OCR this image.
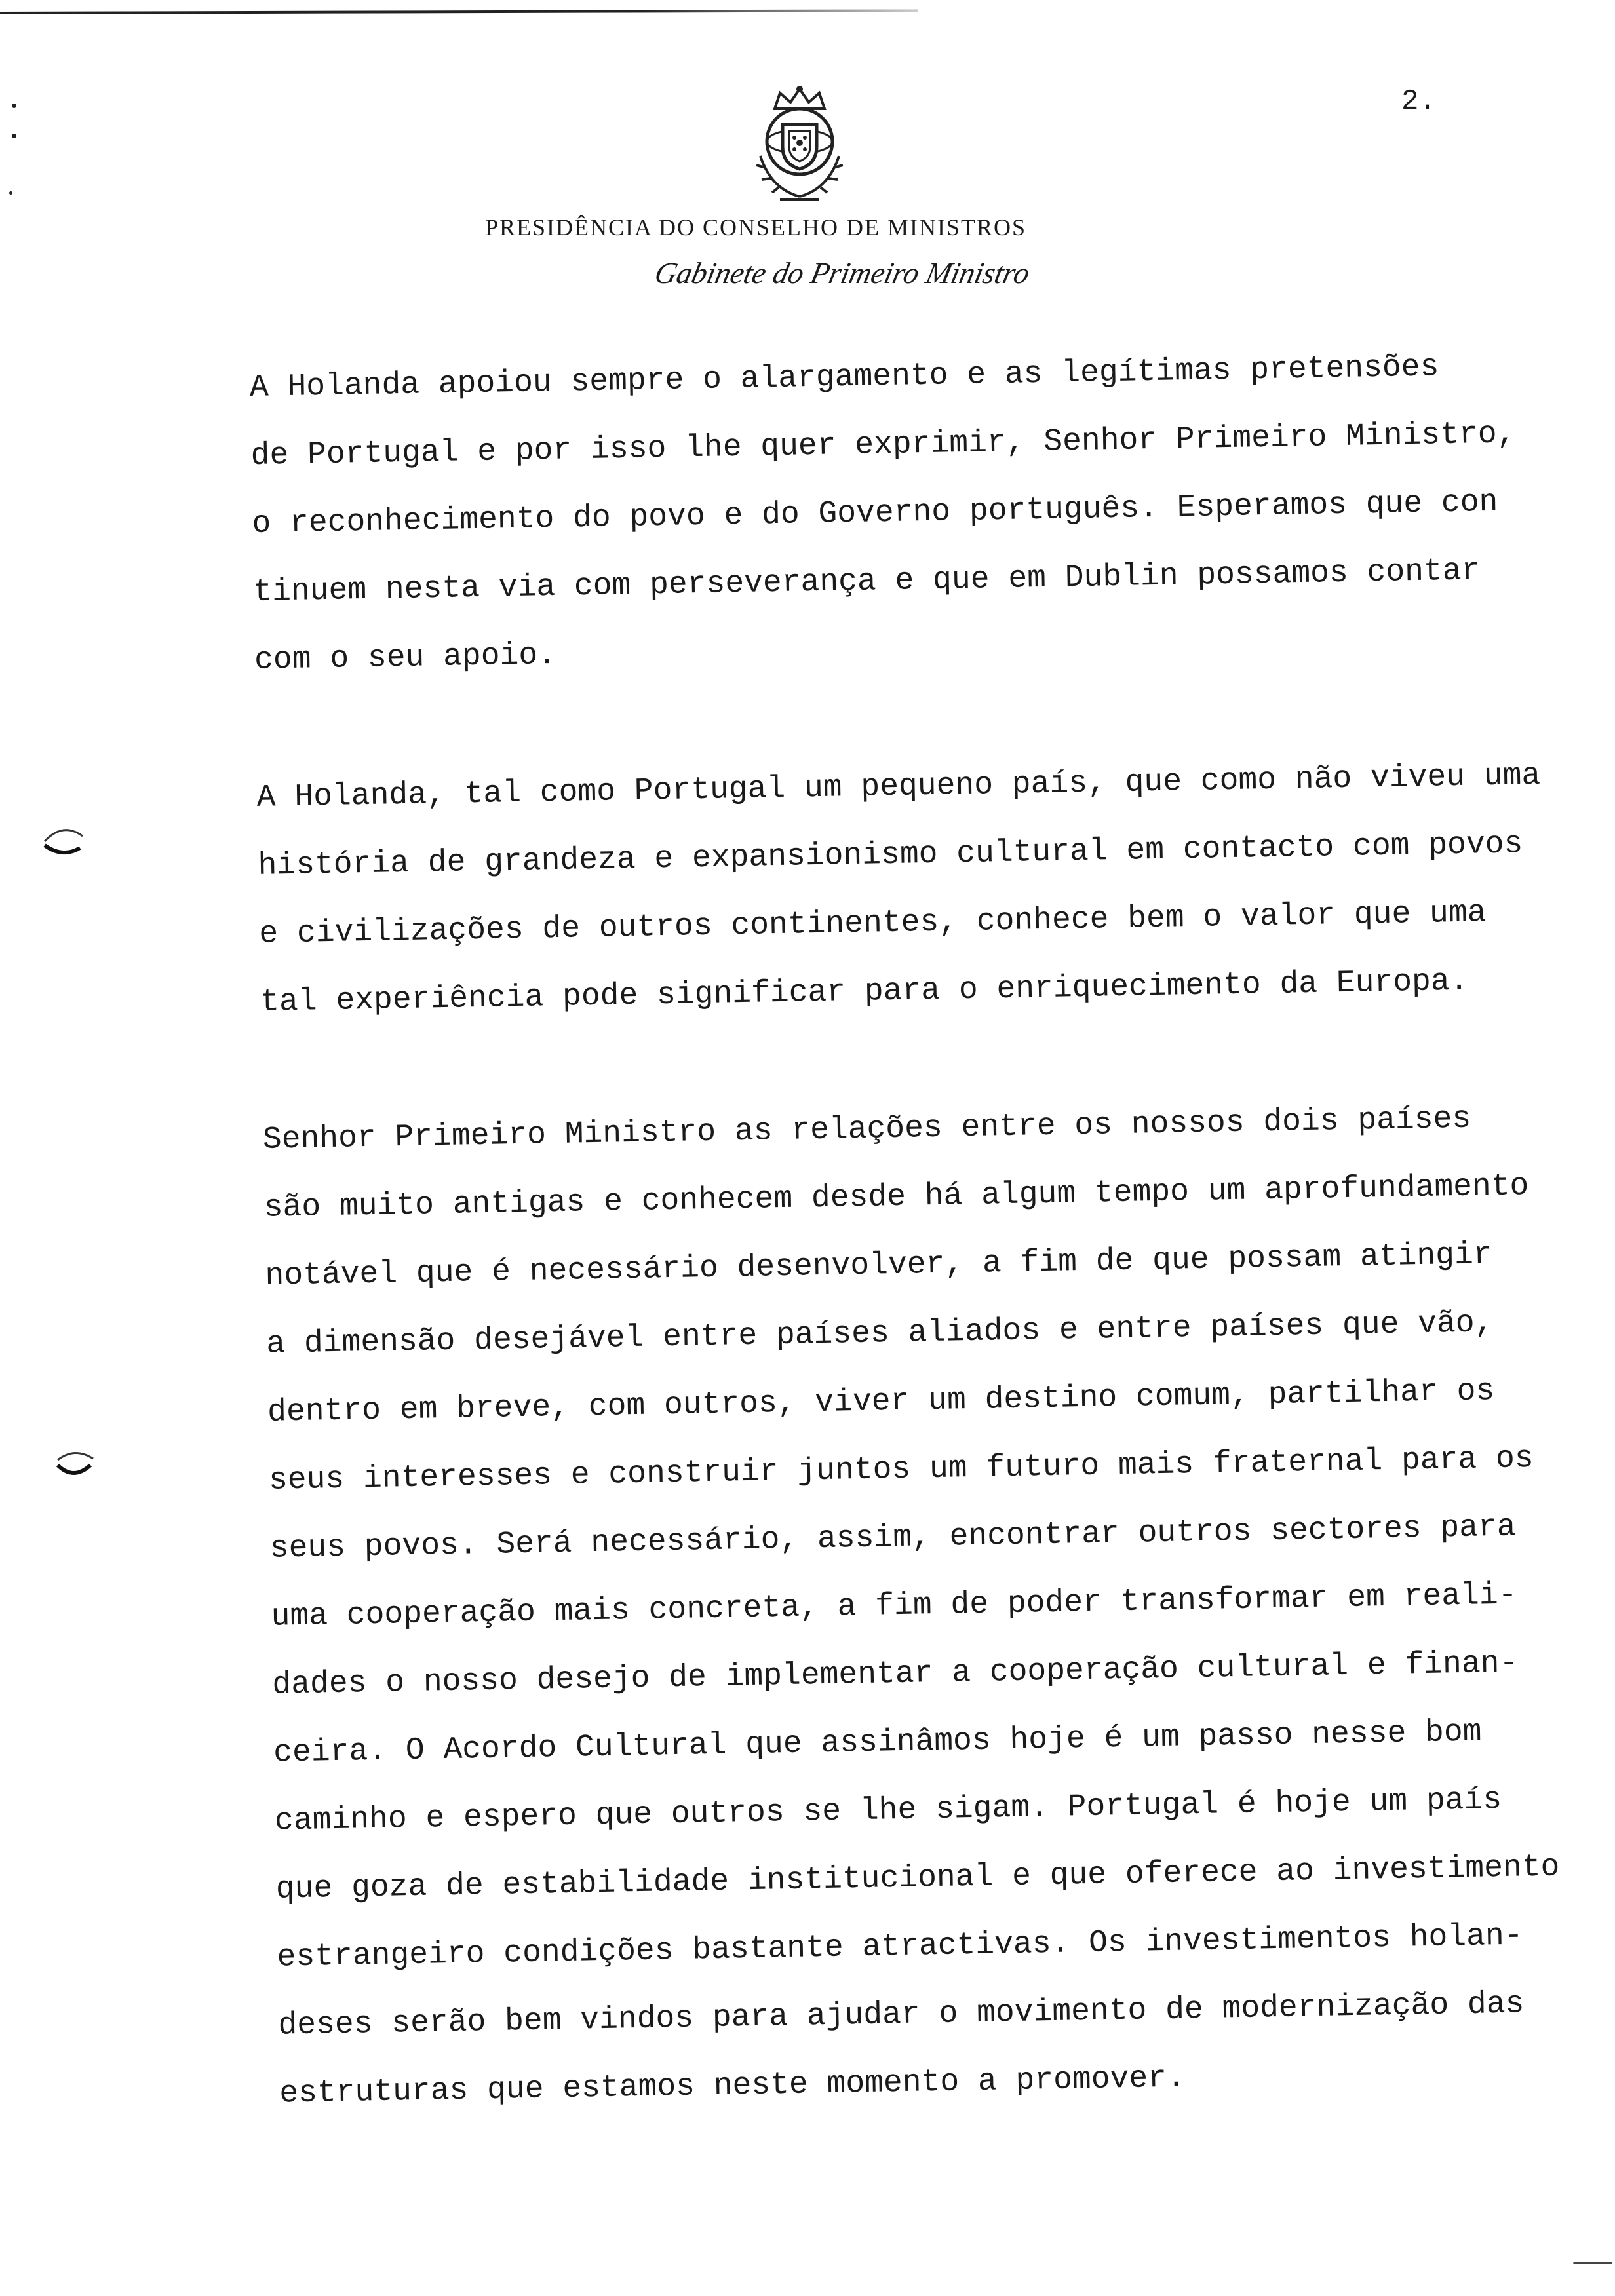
2.
PRESIDÊNCIA DO CONSELHO DE MINISTROS
Gabinete do Primeiro Ministro

A Holanda apoiou sempre o alargamento e as legítimas pretensões
de Portugal e por isso lhe quer exprimir, Senhor Primeiro Ministro,
o reconhecimento do povo e do Governo português. Esperamos que con
tinuem nesta via com perseverança e que em Dublin possamos contar
com o seu apoio.

A Holanda, tal como Portugal um pequeno país, que como não viveu uma
história de grandeza e expansionismo cultural em contacto com povos
e civilizações de outros continentes, conhece bem o valor que uma
tal experiência pode significar para o enriquecimento da Europa.

Senhor Primeiro Ministro as relações entre os nossos dois países
são muito antigas e conhecem desde há algum tempo um aprofundamento
notável que é necessário desenvolver, a fim de que possam atingir
a dimensão desejável entre países aliados e entre países que vão,
dentro em breve, com outros, viver um destino comum, partilhar os
seus interesses e construir juntos um futuro mais fraternal para os
seus povos. Será necessário, assim, encontrar outros sectores para
uma cooperação mais concreta, a fim de poder transformar em reali-
dades o nosso desejo de implementar a cooperação cultural e finan-
ceira. O Acordo Cultural que assinâmos hoje é um passo nesse bom
caminho e espero que outros se lhe sigam. Portugal é hoje um país
que goza de estabilidade institucional e que oferece ao investimento
estrangeiro condições bastante atractivas. Os investimentos holan-
deses serão bem vindos para ajudar o movimento de modernização das
estruturas que estamos neste momento a promover.
